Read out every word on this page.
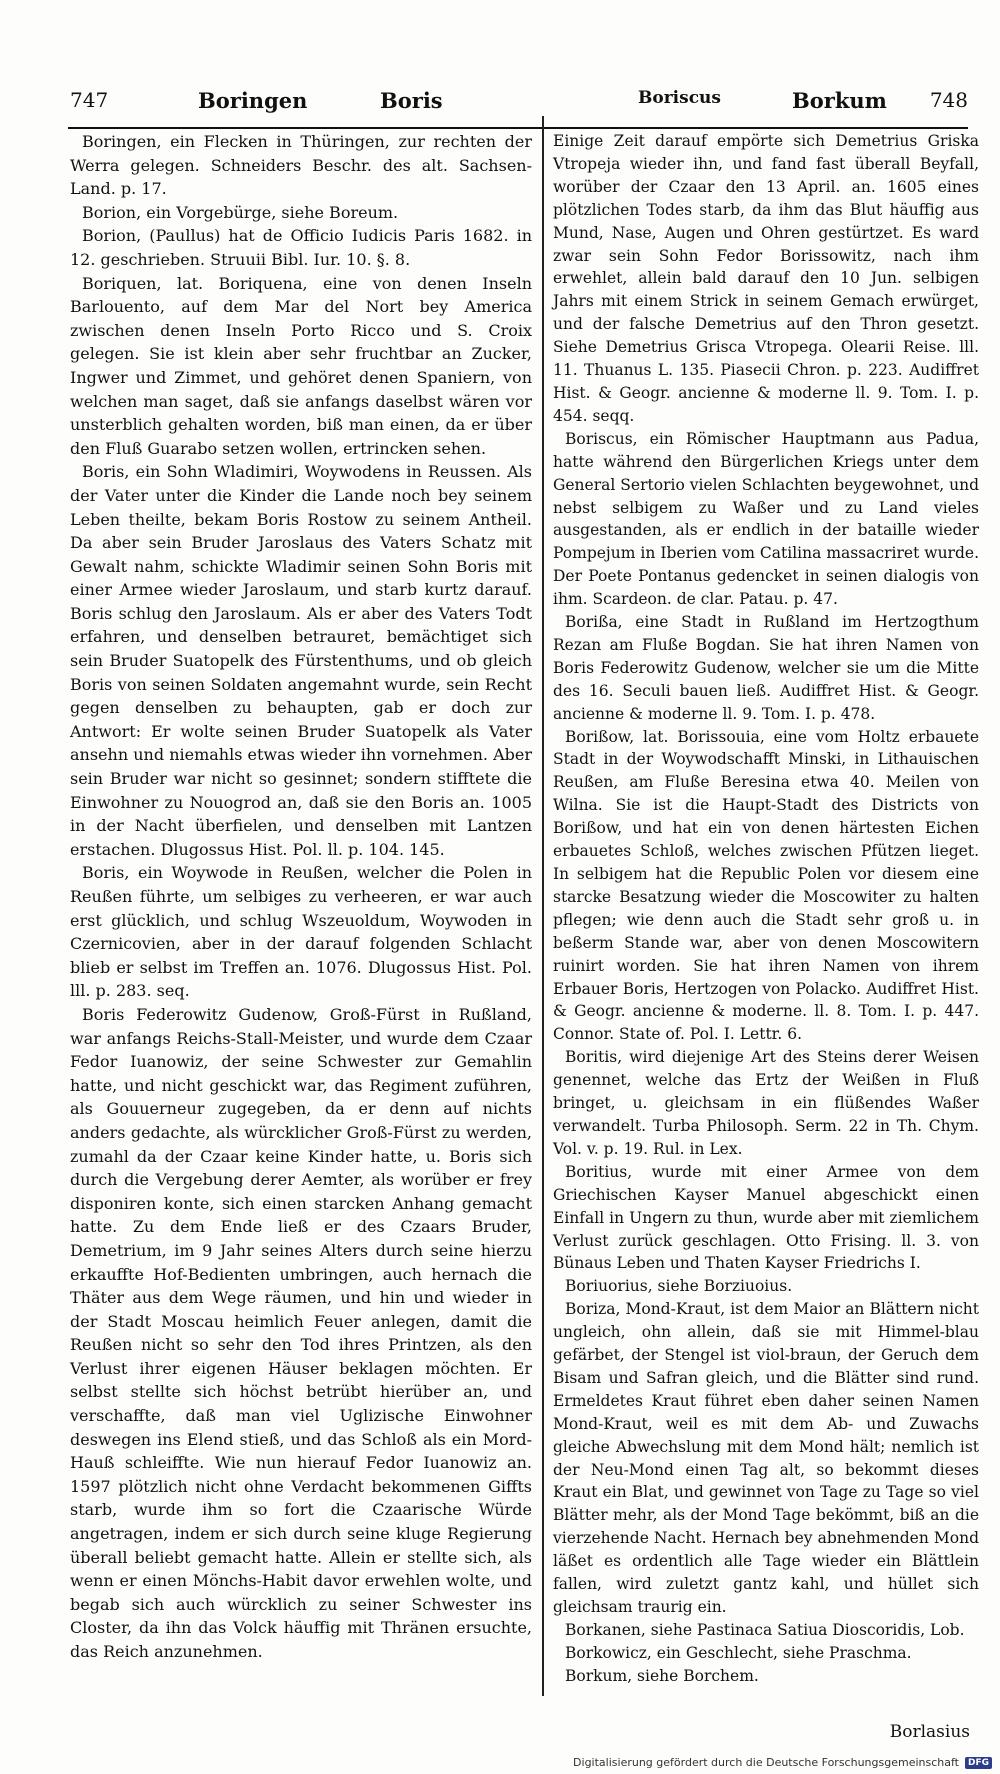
747	Boringen	Boris	Boriscus	Borkum 748

Boringen, ein Flecken in Thüringen, zur rechten der Werra gelegen. Schneiders Beschr. des alt. Sachsen-Land. p. 17.

Borion, ein Vorgebürge, siehe Boreum.

Borion, (Paullus) hat de Officio Iudicis Paris 1682. in 12. geschrieben. Struuii Bibl. Iur. 10. §. 8.

Boriquen, lat. Boriquena, eine von denen Inseln Barlouento, auf dem Mar del Nort bey America zwischen denen Inseln Porto Ricco und S. Croix gelegen. Sie ist klein aber sehr fruchtbar an Zucker, Ingwer und Zimmet, und gehöret denen Spaniern, von welchen man saget, daß sie anfangs daselbst wären vor unsterblich gehalten worden, biß man einen, da er über den Fluß Guarabo setzen wollen, ertrincken sehen.

Boris, ein Sohn Wladimiri, Woywodens in Reussen. Als der Vater unter die Kinder die Lande noch bey seinem Leben theilte, bekam Boris Rostow zu seinem Antheil. Da aber sein Bruder Jaroslaus des Vaters Schatz mit Gewalt nahm, schickte Wladimir seinen Sohn Boris mit einer Armee wieder Jaroslaum, und starb kurtz darauf. Boris schlug den Jaroslaum. Als er aber des Vaters Todt erfahren, und denselben betrauret, bemächtiget sich sein Bruder Suatopelk des Fürstenthums, und ob gleich Boris von seinen Soldaten angemahnt wurde, sein Recht gegen denselben zu behaupten, gab er doch zur Antwort: Er wolte seinen Bruder Suatopelk als Vater ansehn und niemahls etwas wieder ihn vornehmen. Aber sein Bruder war nicht so gesinnet; sondern stifftete die Einwohner zu Nouogrod an, daß sie den Boris an. 1005 in der Nacht überfielen, und denselben mit Lantzen erstachen. Dlugossus Hist. Pol. ll. p. 104. 145.

Boris, ein Woywode in Reußen, welcher die Polen in Reußen führte, um selbiges zu verheeren, er war auch erst glücklich, und schlug Wszeuoldum, Woywoden in Czernicovien, aber in der darauf folgenden Schlacht blieb er selbst im Treffen an. 1076. Dlugossus Hist. Pol. lll. p. 283. seq.

Boris Federowitz Gudenow, Groß-Fürst in Rußland, war anfangs Reichs-Stall-Meister, und wurde dem Czaar Fedor Iuanowiz, der seine Schwester zur Gemahlin hatte, und nicht geschickt war, das Regiment zuführen, als Gouuerneur zugegeben, da er denn auf nichts anders gedachte, als würcklicher Groß-Fürst zu werden, zumahl da der Czaar keine Kinder hatte, u. Boris sich durch die Vergebung derer Aemter, als worüber er frey disponiren konte, sich einen starcken Anhang gemacht hatte. Zu dem Ende ließ er des Czaars Bruder, Demetrium, im 9 Jahr seines Alters durch seine hierzu erkauffte Hof-Bedienten umbringen, auch hernach die Thäter aus dem Wege räumen, und hin und wieder in der Stadt Moscau heimlich Feuer anlegen, damit die Reußen nicht so sehr den Tod ihres Printzen, als den Verlust ihrer eigenen Häuser beklagen möchten. Er selbst stellte sich höchst betrübt hierüber an, und verschaffte, daß man viel Uglizische Einwohner deswegen ins Elend stieß, und das Schloß als ein Mord-Hauß schleiffte. Wie nun hierauf Fedor Iuanowiz an. 1597 plötzlich nicht ohne Verdacht bekommenen Giffts starb, wurde ihm so fort die Czaarische Würde angetragen, indem er sich durch seine kluge Regierung überall beliebt gemacht hatte. Allein er stellte sich, als wenn er einen Mönchs-Habit davor erwehlen wolte, und begab sich auch würcklich zu seiner Schwester ins Closter, da ihn das Volck häuffig mit Thränen ersuchte, das Reich anzunehmen.

Einige Zeit darauf empörte sich Demetrius Griska Vtropeja wieder ihn, und fand fast überall Beyfall, worüber der Czaar den 13 April. an. 1605 eines plötzlichen Todes starb, da ihm das Blut häuffig aus Mund, Nase, Augen und Ohren gestürtzet. Es ward zwar sein Sohn Fedor Borissowitz, nach ihm erwehlet, allein bald darauf den 10 Jun. selbigen Jahrs mit einem Strick in seinem Gemach erwürget, und der falsche Demetrius auf den Thron gesetzt. Siehe Demetrius Grisca Vtropega. Olearii Reise. lll. 11. Thuanus L. 135. Piasecii Chron. p. 223. Audiffret Hist. & Geogr. ancienne & moderne ll. 9. Tom. I. p. 454. seqq.

Boriscus, ein Römischer Hauptmann aus Padua, hatte während den Bürgerlichen Kriegs unter dem General Sertorio vielen Schlachten beygewohnet, und nebst selbigem zu Waßer und zu Land vieles ausgestanden, als er endlich in der bataille wieder Pompejum in Iberien vom Catilina massacriret wurde. Der Poete Pontanus gedencket in seinen dialogis von ihm. Scardeon. de clar. Patau. p. 47.

Borißa, eine Stadt in Rußland im Hertzogthum Rezan am Fluße Bogdan. Sie hat ihren Namen von Boris Federowitz Gudenow, welcher sie um die Mitte des 16. Seculi bauen ließ. Audiffret Hist. & Geogr. ancienne & moderne ll. 9. Tom. I. p. 478.

Borißow, lat. Borissouia, eine vom Holtz erbauete Stadt in der Woywodschafft Minski, in Lithauischen Reußen, am Fluße Beresina etwa 40. Meilen von Wilna. Sie ist die Haupt-Stadt des Districts von Borißow, und hat ein von denen härtesten Eichen erbauetes Schloß, welches zwischen Pfützen lieget. In selbigem hat die Republic Polen vor diesem eine starcke Besatzung wieder die Moscowiter zu halten pflegen; wie denn auch die Stadt sehr groß u. in beßerm Stande war, aber von denen Moscowitern ruinirt worden. Sie hat ihren Namen von ihrem Erbauer Boris, Hertzogen von Polacko. Audiffret Hist. & Geogr. ancienne & moderne. ll. 8. Tom. I. p. 447. Connor. State of. Pol. I. Lettr. 6.

Boritis, wird diejenige Art des Steins derer Weisen genennet, welche das Ertz der Weißen in Fluß bringet, u. gleichsam in ein flüßendes Waßer verwandelt. Turba Philosoph. Serm. 22 in Th. Chym. Vol. v. p. 19. Rul. in Lex.

Boritius, wurde mit einer Armee von dem Griechischen Kayser Manuel abgeschickt einen Einfall in Ungern zu thun, wurde aber mit ziemlichem Verlust zurück geschlagen. Otto Frising. ll. 3. von Bünaus Leben und Thaten Kayser Friedrichs I.

Boriuorius, siehe Borziuoius.

Boriza, Mond-Kraut, ist dem Maior an Blättern nicht ungleich, ohn allein, daß sie mit Himmel-blau gefärbet, der Stengel ist viol-braun, der Geruch dem Bisam und Safran gleich, und die Blätter sind rund. Ermeldetes Kraut führet eben daher seinen Namen Mond-Kraut, weil es mit dem Ab- und Zuwachs gleiche Abwechslung mit dem Mond hält; nemlich ist der Neu-Mond einen Tag alt, so bekommt dieses Kraut ein Blat, und gewinnet von Tage zu Tage so viel Blätter mehr, als der Mond Tage bekömmt, biß an die vierzehende Nacht. Hernach bey abnehmenden Mond läßet es ordentlich alle Tage wieder ein Blättlein fallen, wird zuletzt gantz kahl, und hüllet sich gleichsam traurig ein.

Borkanen, siehe Pastinaca Satiua Dioscoridis, Lob.

Borkowicz, ein Geschlecht, siehe Praschma.

Borkum, siehe Borchem.

Borlasius
Digitalisierung gefördert durch die Deutsche Forschungsgemeinschaft	DFG
